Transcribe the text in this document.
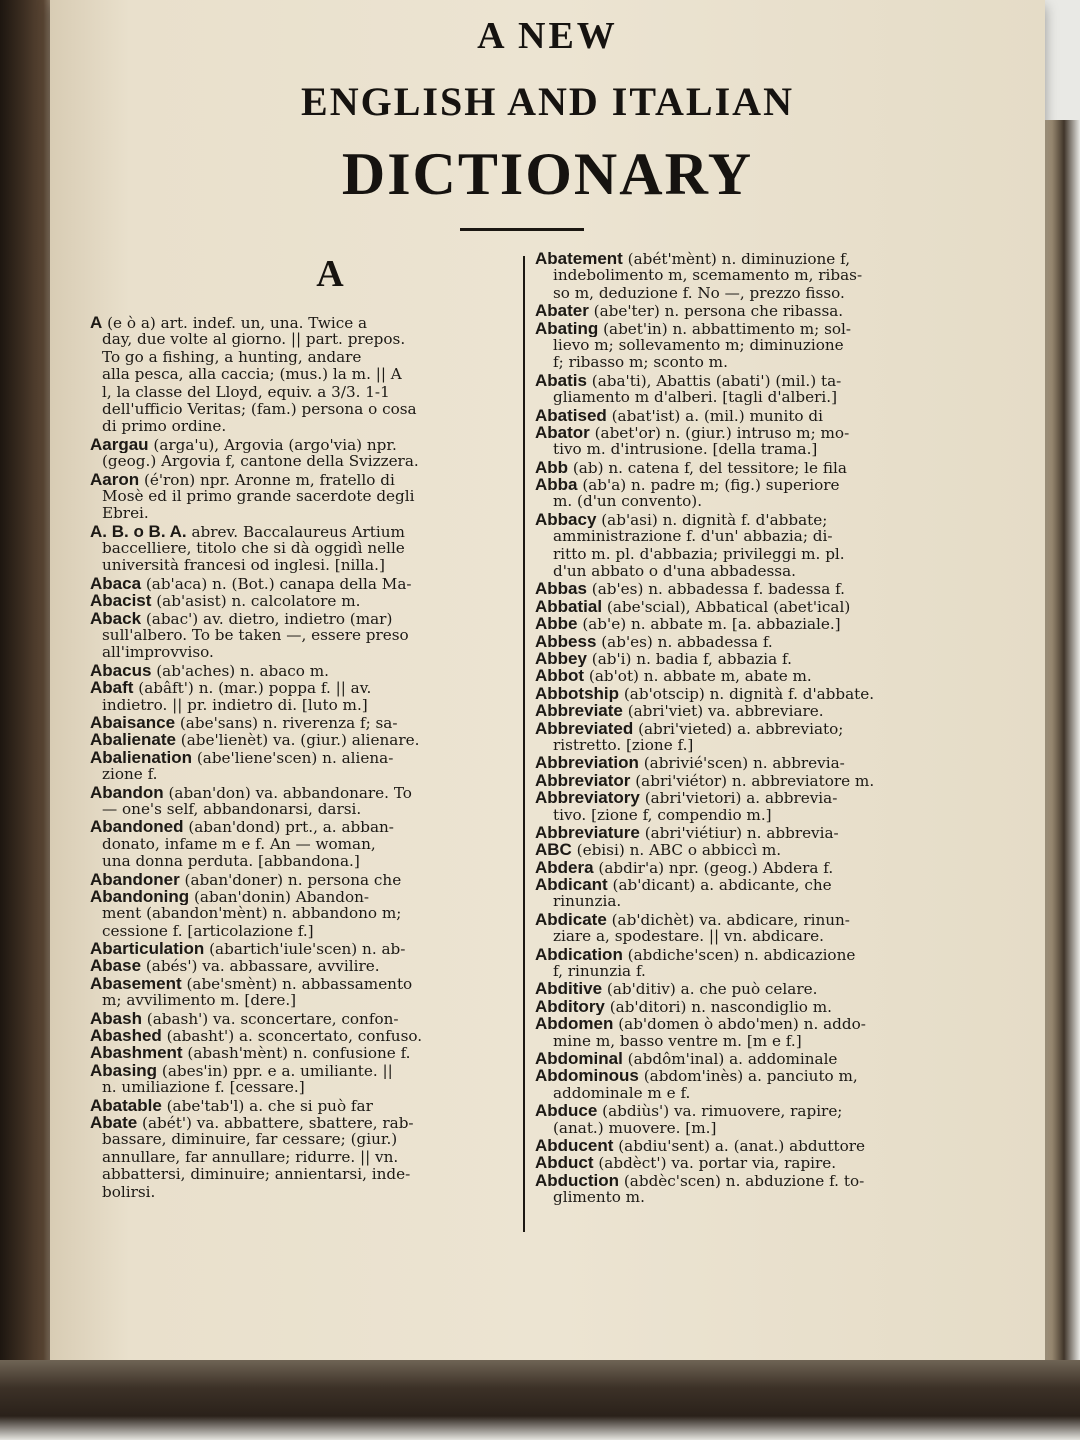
A NEW
ENGLISH AND ITALIAN
DICTIONARY
A
A (e ò a) art. indef. un, una. Twice a
day, due volte al giorno. || part. prepos.
To go a fishing, a hunting, andare
alla pesca, alla caccia; (mus.) la m. || A
l, la classe del Lloyd, equiv. a 3/3. 1-1
dell'ufficio Veritas; (fam.) persona o cosa
di primo ordine.
Aargau (arga'u), Argovia (argo'via) npr.
(geog.) Argovia f, cantone della Svizzera.
Aaron (é'ron) npr. Aronne m, fratello di
Mosè ed il primo grande sacerdote degli
Ebrei.
A. B. o B. A. abrev. Baccalaureus Artium
baccelliere, titolo che si dà oggidì nelle
università francesi od inglesi. [nilla.]
Abaca (ab'aca) n. (Bot.) canapa della Ma-
Abacist (ab'asist) n. calcolatore m.
Aback (abac') av. dietro, indietro (mar)
sull'albero. To be taken —, essere preso
all'improvviso.
Abacus (ab'aches) n. abaco m.
Abaft (abâft') n. (mar.) poppa f. || av.
indietro. || pr. indietro di. [luto m.]
Abaisance (abe'sans) n. riverenza f; sa-
Abalienate (abe'lienèt) va. (giur.) alienare.
Abalienation (abe'liene'scen) n. aliena-
zione f.
Abandon (aban'don) va. abbandonare. To
— one's self, abbandonarsi, darsi.
Abandoned (aban'dond) prt., a. abban-
donato, infame m e f. An — woman,
una donna perduta. [abbandona.]
Abandoner (aban'doner) n. persona che
Abandoning (aban'donin) Abandon-
ment (abandon'mènt) n. abbandono m;
cessione f. [articolazione f.]
Abarticulation (abartich'iule'scen) n. ab-
Abase (abés') va. abbassare, avvilire.
Abasement (abe'smènt) n. abbassamento
m; avvilimento m. [dere.]
Abash (abash') va. sconcertare, confon-
Abashed (abasht') a. sconcertato, confuso.
Abashment (abash'mènt) n. confusione f.
Abasing (abes'in) ppr. e a. umiliante. ||
n. umiliazione f. [cessare.]
Abatable (abe'tab'l) a. che si può far
Abate (abét') va. abbattere, sbattere, rab-
bassare, diminuire, far cessare; (giur.)
annullare, far annullare; ridurre. || vn.
abbattersi, diminuire; annientarsi, inde-
bolirsi.
Abatement (abét'mènt) n. diminuzione f,
indebolimento m, scemamento m, ribas-
so m, deduzione f. No —, prezzo fisso.
Abater (abe'ter) n. persona che ribassa.
Abating (abet'in) n. abbattimento m; sol-
lievo m; sollevamento m; diminuzione
f; ribasso m; sconto m.
Abatis (aba'ti), Abattis (abati') (mil.) ta-
gliamento m d'alberi. [tagli d'alberi.]
Abatised (abat'ist) a. (mil.) munito di
Abator (abet'or) n. (giur.) intruso m; mo-
tivo m. d'intrusione. [della trama.]
Abb (ab) n. catena f, del tessitore; le fila
Abba (ab'a) n. padre m; (fig.) superiore
m. (d'un convento).
Abbacy (ab'asi) n. dignità f. d'abbate;
amministrazione f. d'un' abbazia; di-
ritto m. pl. d'abbazia; privileggi m. pl.
d'un abbato o d'una abbadessa.
Abbas (ab'es) n. abbadessa f. badessa f.
Abbatial (abe'scial), Abbatical (abet'ical)
Abbe (ab'e) n. abbate m. [a. abbaziale.]
Abbess (ab'es) n. abbadessa f.
Abbey (ab'i) n. badia f, abbazia f.
Abbot (ab'ot) n. abbate m, abate m.
Abbotship (ab'otscip) n. dignità f. d'abbate.
Abbreviate (abri'viet) va. abbreviare.
Abbreviated (abri'vieted) a. abbreviato;
ristretto. [zione f.]
Abbreviation (abrivié'scen) n. abbrevia-
Abbreviator (abri'viétor) n. abbreviatore m.
Abbreviatory (abri'vietori) a. abbrevia-
tivo. [zione f, compendio m.]
Abbreviature (abri'viétiur) n. abbrevia-
ABC (ebisi) n. ABC o abbiccì m.
Abdera (abdir'a) npr. (geog.) Abdera f.
Abdicant (ab'dicant) a. abdicante, che
rinunzia.
Abdicate (ab'dichèt) va. abdicare, rinun-
ziare a, spodestare. || vn. abdicare.
Abdication (abdiche'scen) n. abdicazione
f, rinunzia f.
Abditive (ab'ditiv) a. che può celare.
Abditory (ab'ditori) n. nascondiglio m.
Abdomen (ab'domen ò abdo'men) n. addo-
mine m, basso ventre m. [m e f.]
Abdominal (abdôm'inal) a. addominale
Abdominous (abdom'inès) a. panciuto m,
addominale m e f.
Abduce (abdiùs') va. rimuovere, rapire;
(anat.) muovere. [m.]
Abducent (abdiu'sent) a. (anat.) abduttore
Abduct (abdèct') va. portar via, rapire.
Abduction (abdèc'scen) n. abduzione f. to-
glimento m.
